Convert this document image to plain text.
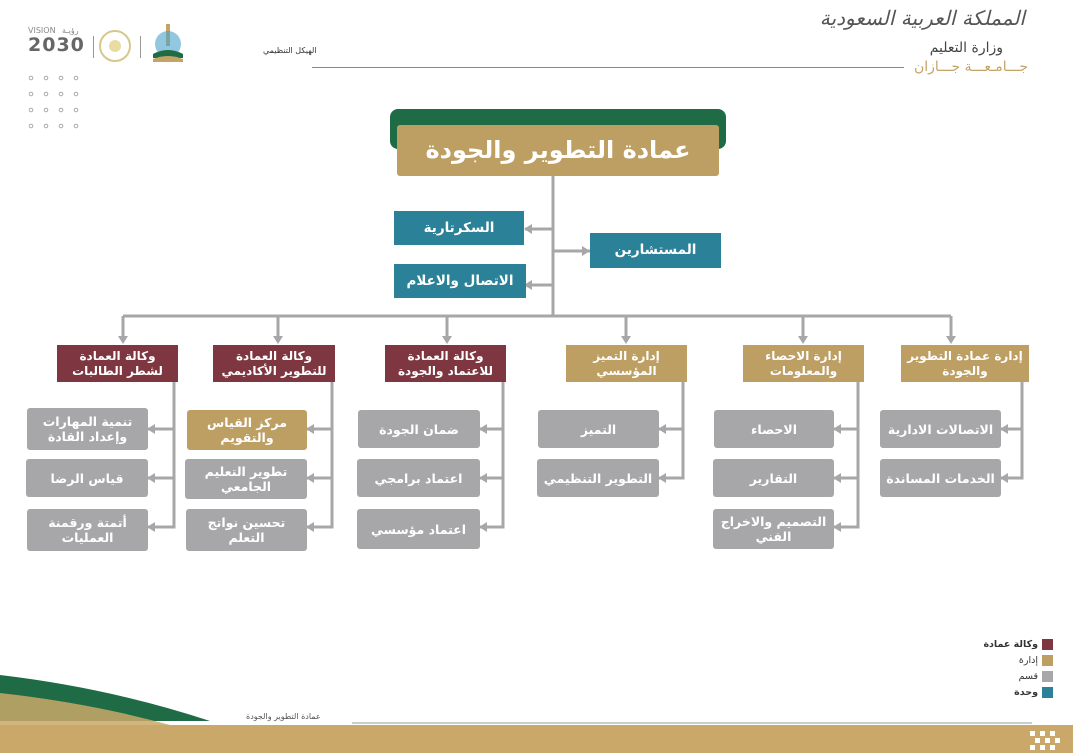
المملكة العربية السعودية
وزارة التعليم
جـــامـعـــة جـــازان
الهيكل التنظيمي
VISION رؤيـة
2030
عمادة التطوير والجودة
السكرتارية
الاتصال والاعلام
المستشارين
إدارة عمادة التطوير والجودة
الاتصالات الادارية
الخدمات المساندة
إدارة الاحصاء والمعلومات
الاحصاء
التقارير
التصميم والاخراج الفني
إدارة التميز المؤسسي
التميز
التطوير التنظيمي
وكالة العمادة للاعتماد والجودة
ضمان الجودة
اعتماد برامجي
اعتماد مؤسسي
وكالة العمادة للتطوير الأكاديمي
مركز القياس والتقويم
تطوير التعليم الجامعي
تحسين نواتج التعلم
وكالة العمادة لشطر الطالبات
تنمية المهارات وإعداد القادة
قياس الرضا
أتمتة ورقمنة العمليات
وكالة عمادة
إدارة
قسم
وحدة
عمادة التطوير والجودة
